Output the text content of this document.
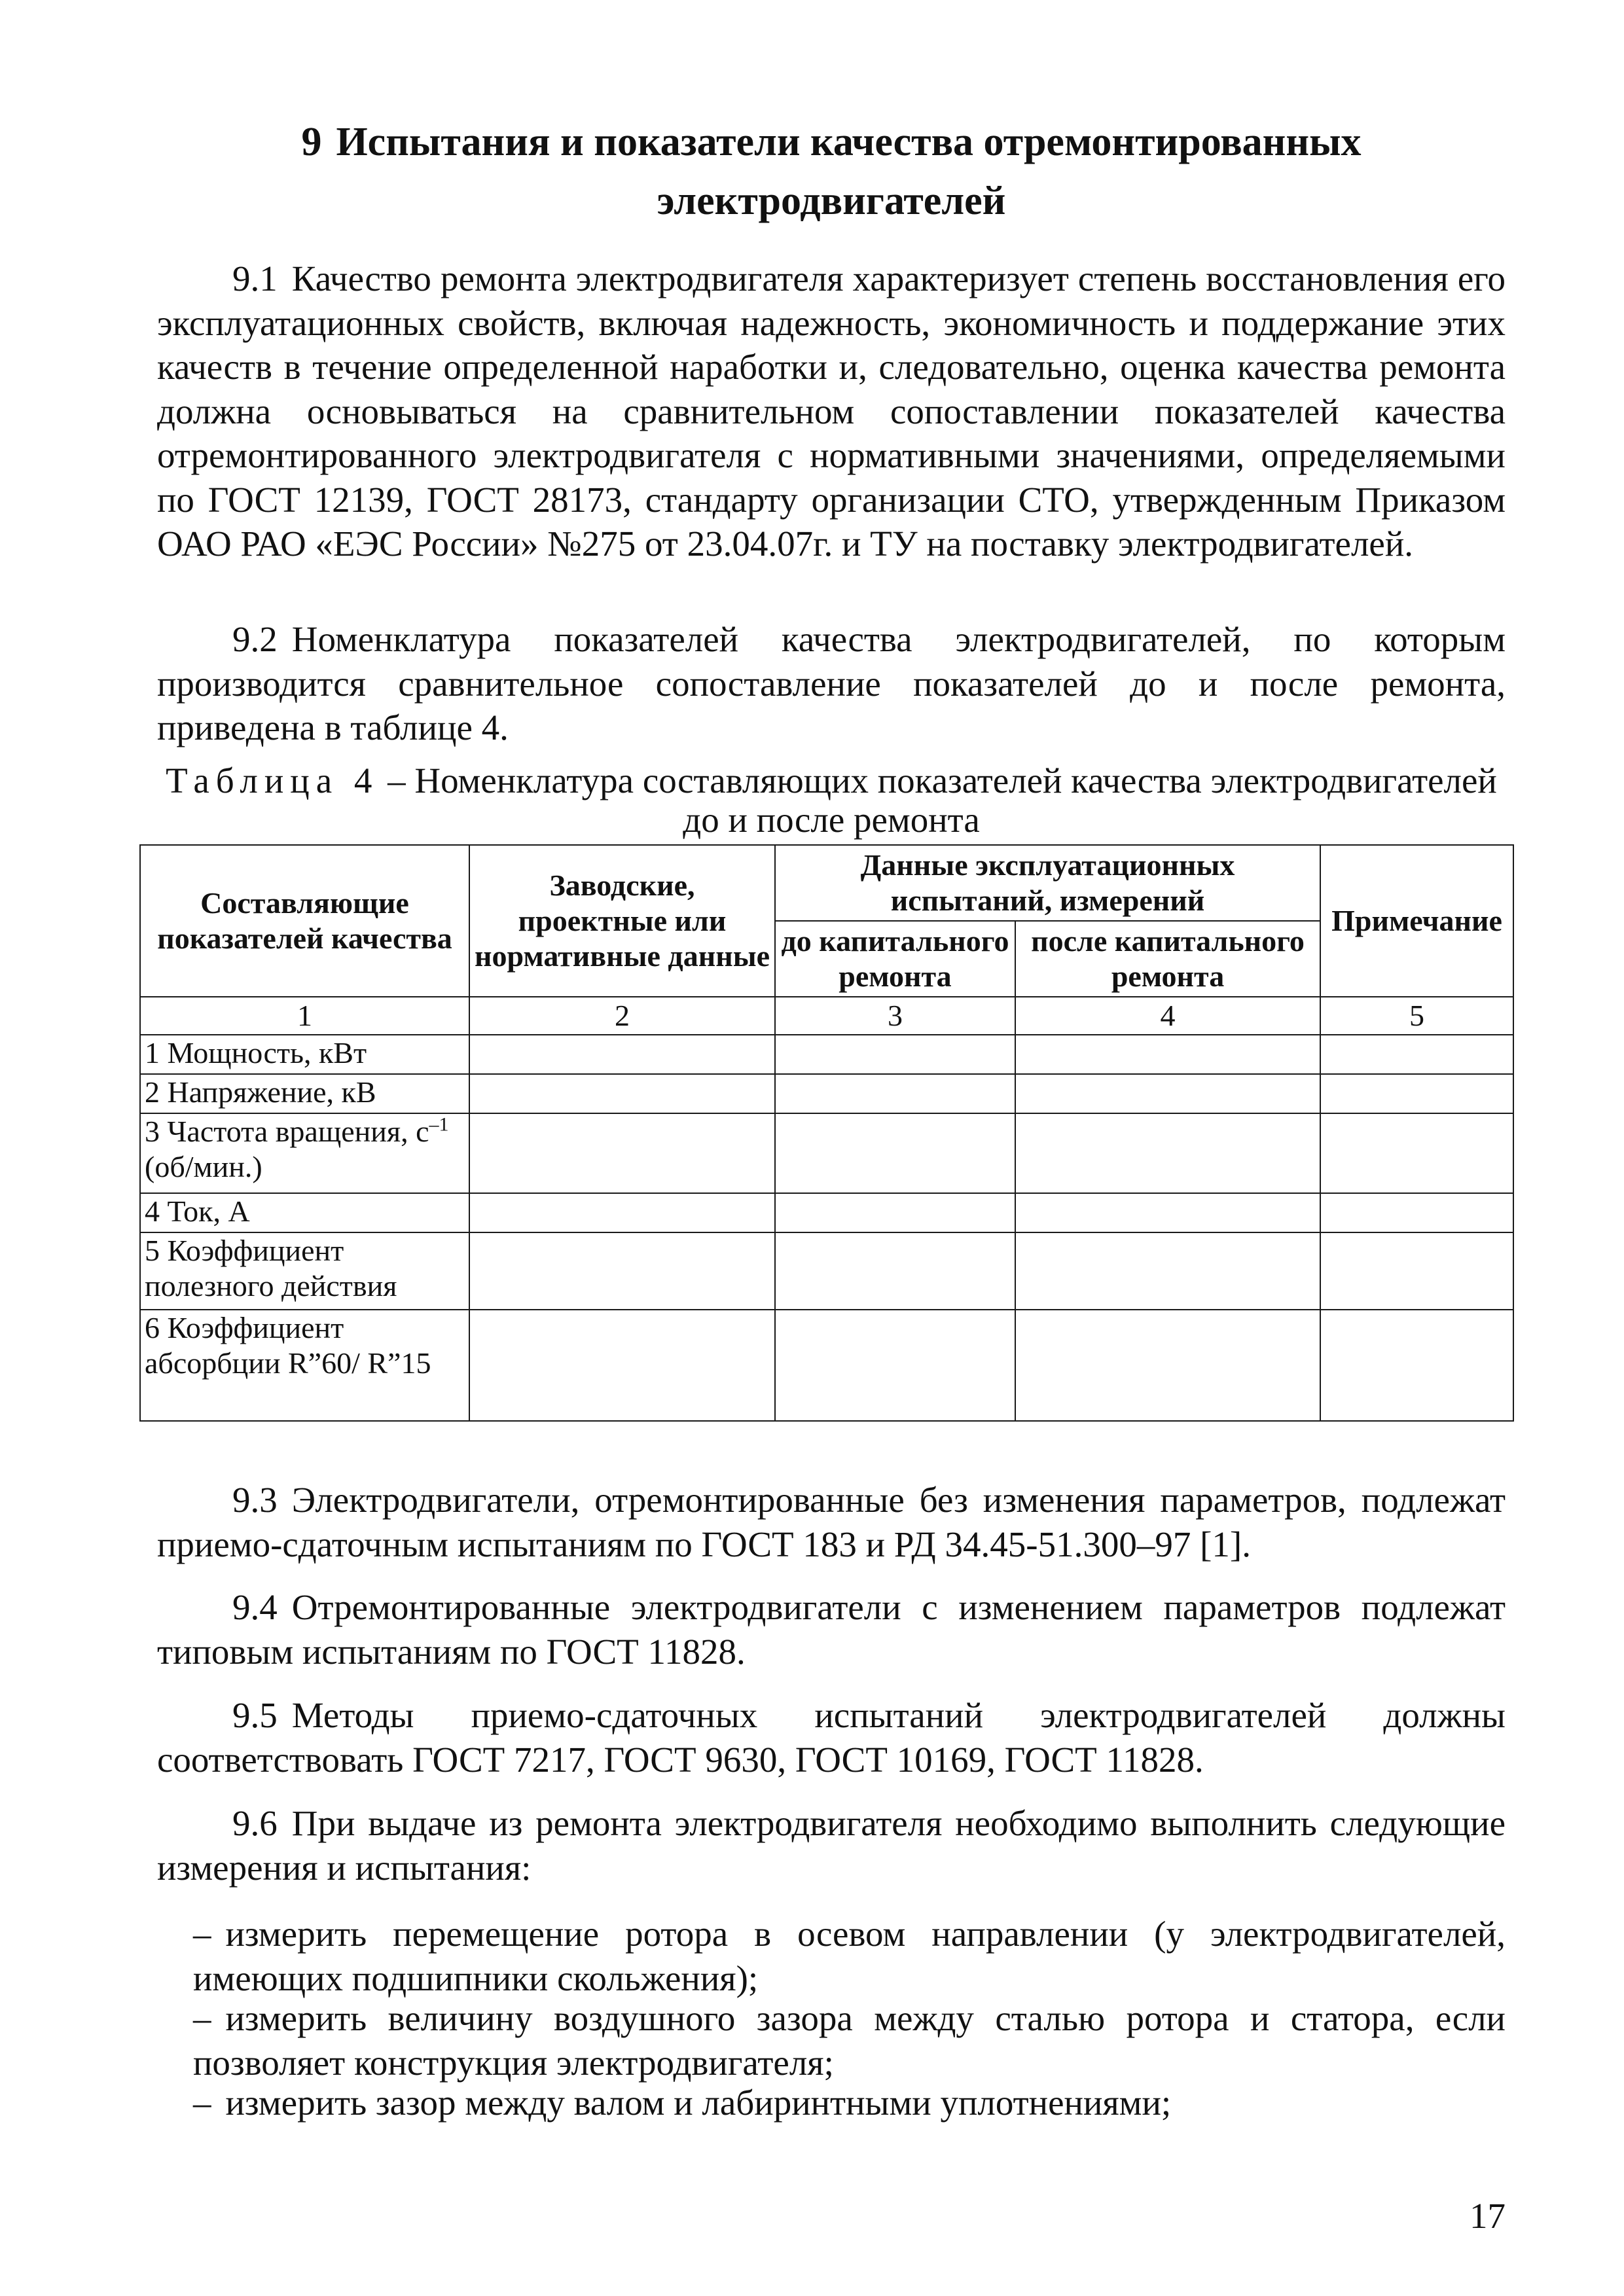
9 Испытания и показатели качества отремонтированных электродвигателей

9.1 Качество ремонта электродвигателя характеризует степень восстановления его эксплуатационных свойств, включая надежность, экономичность и поддержание этих качеств в течение определенной наработки и, следовательно, оценка качества ремонта должна основываться на сравнительном сопоставлении показателей качества отремонтированного электродвигателя с нормативными значениями, определяемыми по ГОСТ 12139, ГОСТ 28173, стандарту организации СТО, утвержденным Приказом ОАО РАО «ЕЭС России» №275 от 23.04.07г. и ТУ на поставку электродвигателей.

9.2 Номенклатура показателей качества электродвигателей, по которым производится сравнительное сопоставление показателей до и после ремонта, приведена в таблице 4.

Таблица 4 – Номенклатура составляющих показателей качества электродвигателей до и после ремонта
Составляющие показателей качества	Заводские, проектные или нормативные данные	Данные эксплуатационных испытаний, измерений		Примечание
		до капитального ремонта	после капитального ремонта	
1	2	3	4	5
1 Мощность, кВт				
2 Напряжение, кВ				
3 Частота вращения, $с^{-1}$ (об/мин.)				
4 Ток, А				
5 Коэффициент полезного действия				
6 Коэффициент абсорбции R”60/ R”15				

9.3 Электродвигатели, отремонтированные без изменения параметров, подлежат приемо-сдаточным испытаниям по ГОСТ 183 и РД 34.45-51.300–97 [1].

9.4 Отремонтированные электродвигатели с изменением параметров подлежат типовым испытаниям по ГОСТ 11828.

9.5 Методы приемо-сдаточных испытаний электродвигателей должны соответствовать ГОСТ 7217, ГОСТ 9630, ГОСТ 10169, ГОСТ 11828.

9.6 При выдаче из ремонта электродвигателя необходимо выполнить следующие измерения и испытания:

– измерить перемещение ротора в осевом направлении (у электродвигателей, имеющих подшипники скольжения);

– измерить величину воздушного зазора между сталью ротора и статора, если позволяет конструкция электродвигателя;

– измерить зазор между валом и лабиринтными уплотнениями;

17
